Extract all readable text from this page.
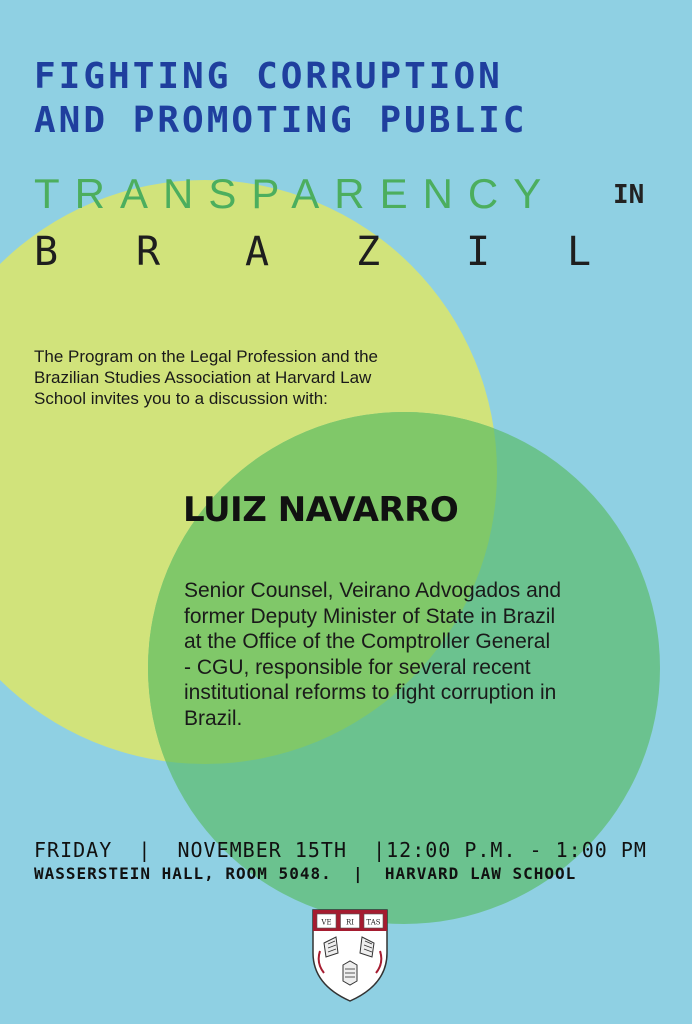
FIGHTING CORRUPTION
AND PROMOTING PUBLIC
TRANSPARENCY IN
B R A Z I L
The Program on the Legal Profession and the
Brazilian Studies Association at Harvard Law
School invites you to a discussion with:
LUIZ NAVARRO
Senior Counsel, Veirano Advogados and
former Deputy Minister of State in Brazil
at the Office of the Comptroller General
- CGU, responsible for several recent
institutional reforms to fight corruption in
Brazil.
FRIDAY  |  NOVEMBER 15TH  |12:00 P.M. - 1:00 PM
WASSERSTEIN HALL, ROOM 5048.  |  HARVARD LAW SCHOOL
VE RI TAS
